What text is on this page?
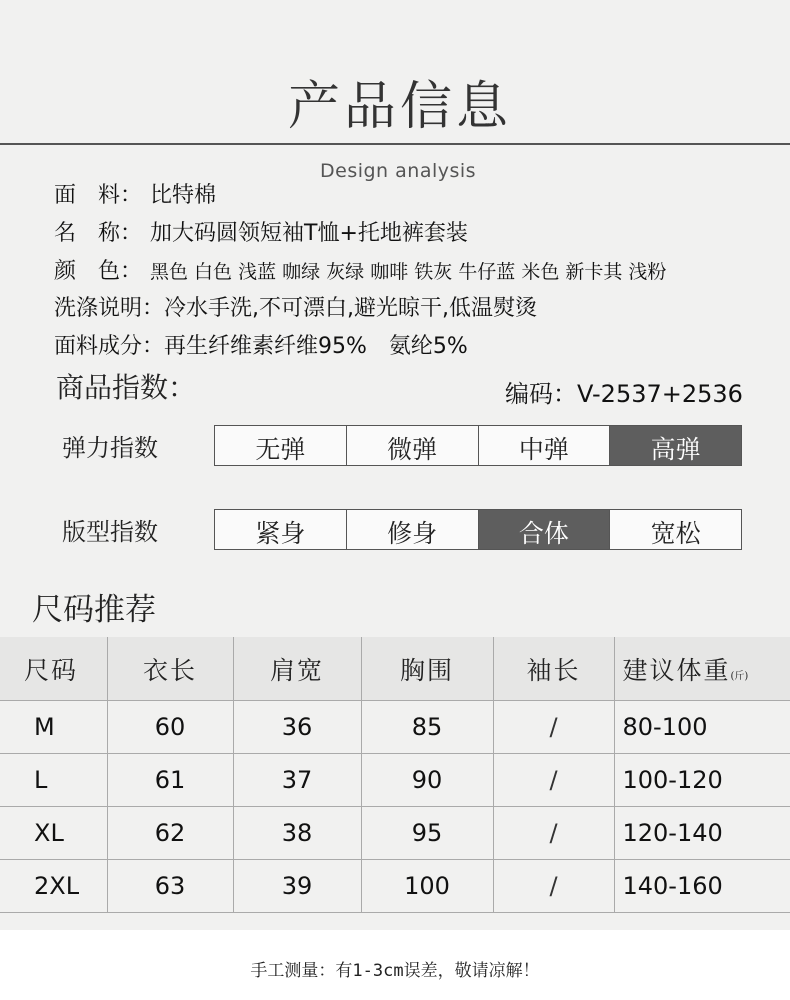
产品信息
Design analysis
面　料： 比特棉
名　称： 加大码圆领短袖T恤+托地裤套装
颜　色： 黑色 白色 浅蓝 咖绿 灰绿 咖啡 铁灰 牛仔蓝 米色 新卡其 浅粉
洗涤说明：冷水手洗,不可漂白,避光晾干,低温熨烫
面料成分：再生纤维素纤维95%　氨纶5%
商品指数：	编码：V-2537+2536
弹力指数	无弹	微弹	中弹	高弹
版型指数	紧身	修身	合体	宽松
尺码推荐
尺码	衣长	肩宽	胸围	袖长	建议体重(斤)
M	60	36	85	/	80-100
L	61	37	90	/	100-120
XL	62	38	95	/	120-140
2XL	63	39	100	/	140-160
手工测量：有1-3cm误差，敬请凉解！
